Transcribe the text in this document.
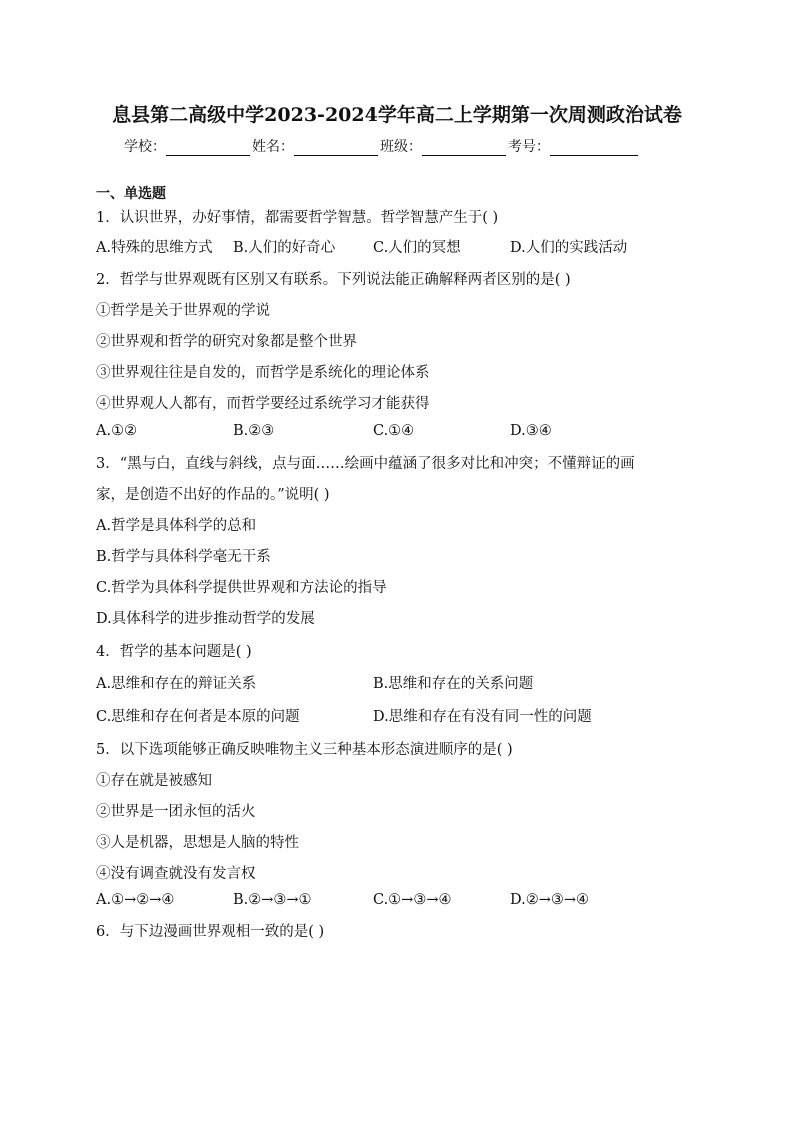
息县第二高级中学2023-2024学年高二上学期第一次周测政治试卷
学校：	姓名：	班级：	考号：
一、单选题
1．认识世界，办好事情，都需要哲学智慧。哲学智慧产生于( )
A.特殊的思维方式 B.人们的好奇心	C.人们的冥想	D.人们的实践活动
2．哲学与世界观既有区别又有联系。下列说法能正确解释两者区别的是( )
①哲学是关于世界观的学说
②世界观和哲学的研究对象都是整个世界
③世界观往往是自发的，而哲学是系统化的理论体系
④世界观人人都有，而哲学要经过系统学习才能获得
A.①②	B.②③	C.①④	D.③④
3．“黑与白，直线与斜线，点与面……绘画中蕴涵了很多对比和冲突；不懂辩证的画
家，是创造不出好的作品的。”说明( )
A.哲学是具体科学的总和
B.哲学与具体科学毫无干系
C.哲学为具体科学提供世界观和方法论的指导
D.具体科学的进步推动哲学的发展
4．哲学的基本问题是( )
A.思维和存在的辩证关系	B.思维和存在的关系问题
C.思维和存在何者是本原的问题	D.思维和存在有没有同一性的问题
5．以下选项能够正确反映唯物主义三种基本形态演进顺序的是( )
①存在就是被感知
②世界是一团永恒的活火
③人是机器，思想是人脑的特性
④没有调查就没有发言权
A.①→②→④	B.②→③→①	C.①→③→④	D.②→③→④
6．与下边漫画世界观相一致的是( )
